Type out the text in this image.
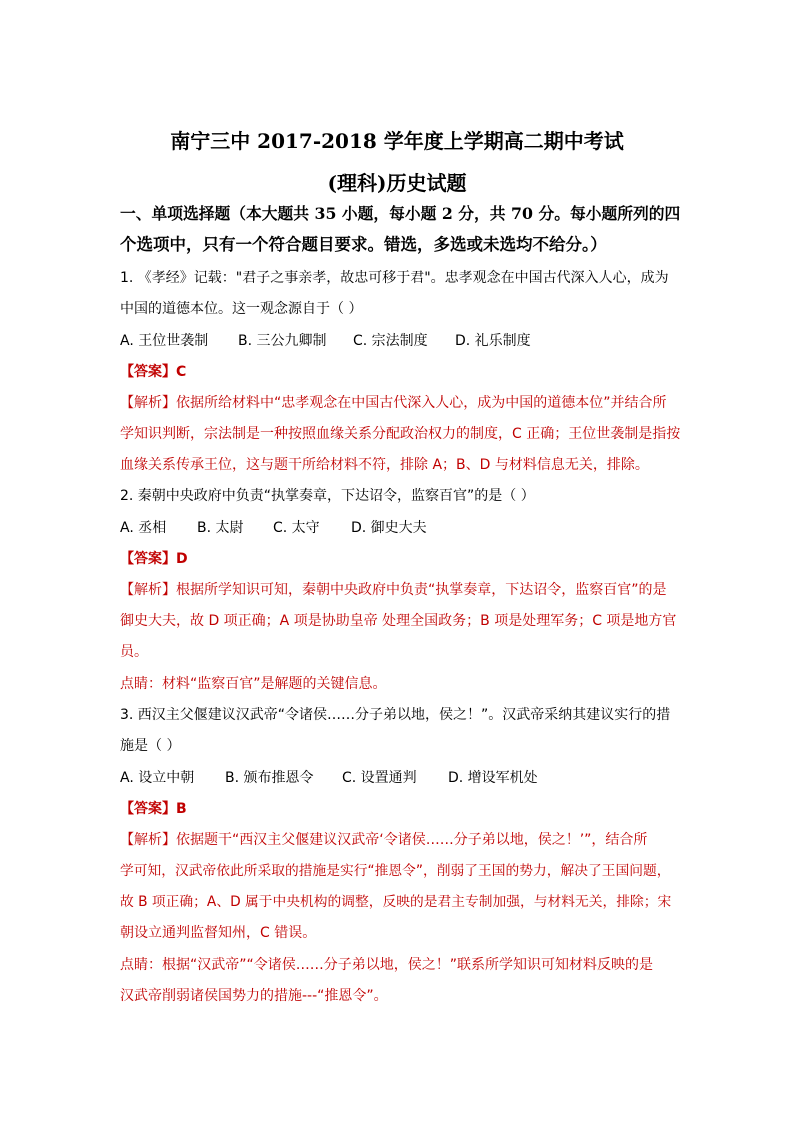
南宁三中 2017-2018 学年度上学期高二期中考试
(理科)历史试题
一、单项选择题（本大题共 35 小题，每小题 2 分，共 70 分。每小题所列的四
个选项中，只有一个符合题目要求。错选，多选或未选均不给分。）
1. 《孝经》记载："君子之事亲孝，故忠可移于君"。忠孝观念在中国古代深入人心，成为
中国的道德本位。这一观念源自于（ ）
A. 王位世袭制 B. 三公九卿制 C. 宗法制度 D. 礼乐制度
【答案】C
【解析】依据所给材料中“忠孝观念在中国古代深入人心，成为中国的道德本位”并结合所
学知识判断，宗法制是一种按照血缘关系分配政治权力的制度，C 正确；王位世袭制是指按
血缘关系传承王位，这与题干所给材料不符，排除 A；B、D 与材料信息无关，排除。
2. 秦朝中央政府中负责“执掌奏章，下达诏令，监察百官”的是（ ）
A. 丞相 B. 太尉 C. 太守 D. 御史大夫
【答案】D
【解析】根据所学知识可知，秦朝中央政府中负责“执掌奏章，下达诏令，监察百官”的是
御史大夫，故 D 项正确；A 项是协助皇帝 处理全国政务；B 项是处理军务；C 项是地方官
员。
点睛：材料“监察百官”是解题的关键信息。
3. 西汉主父偃建议汉武帝“令诸侯……分子弟以地，侯之！”。汉武帝采纳其建议实行的措
施是（ ）
A. 设立中朝 B. 颁布推恩令 C. 设置通判 D. 增设军机处
【答案】B
【解析】依据题干“西汉主父偃建议汉武帝‘令诸侯……分子弟以地，侯之！’”，结合所
学可知，汉武帝依此所采取的措施是实行“推恩令”，削弱了王国的势力，解决了王国问题，
故 B 项正确；A、D 属于中央机构的调整，反映的是君主专制加强，与材料无关，排除；宋
朝设立通判监督知州，C 错误。
点睛：根据“汉武帝”“令诸侯……分子弟以地，侯之！”联系所学知识可知材料反映的是
汉武帝削弱诸侯国势力的措施---“推恩令”。
